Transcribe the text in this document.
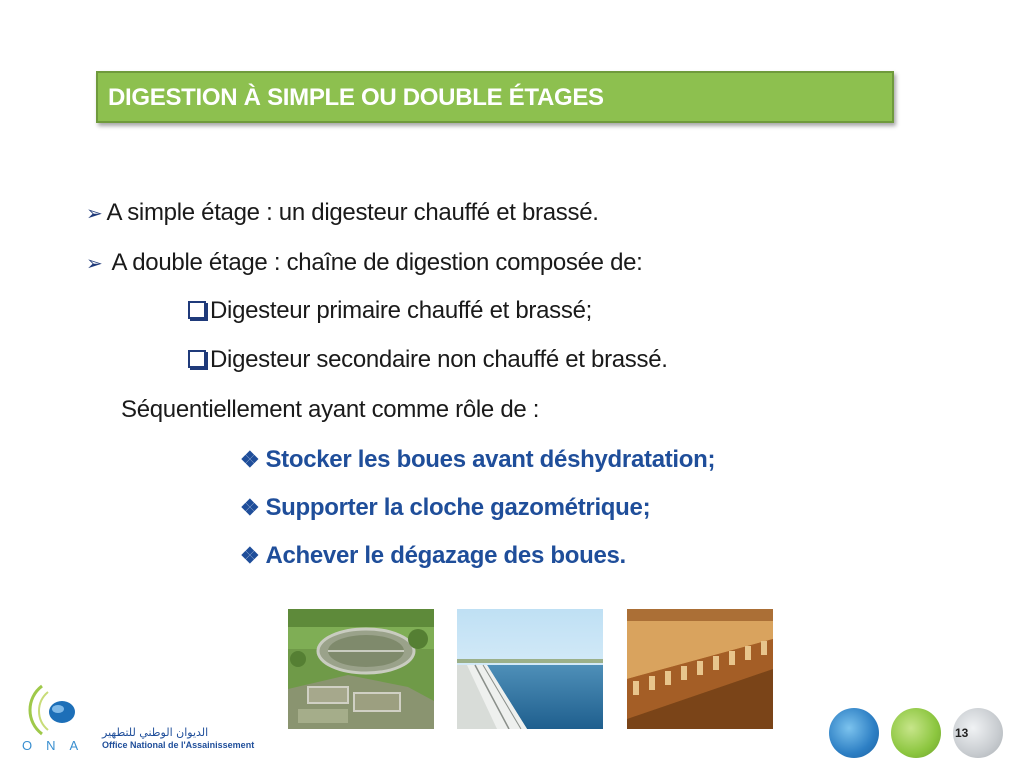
DIGESTION À SIMPLE OU DOUBLE ÉTAGES
➢ A simple étage : un digesteur chauffé et brassé.
➢ A double étage : chaîne de digestion composée de:
Digesteur primaire chauffé et brassé;
Digesteur secondaire non chauffé et brassé.
Séquentiellement ayant comme rôle de :
❖ Stocker les boues avant déshydratation;
❖ Supporter la cloche gazométrique;
❖ Achever le dégazage des boues.
ONA
الديوان الوطني للتطهير
Office National de l'Assainissement
13
